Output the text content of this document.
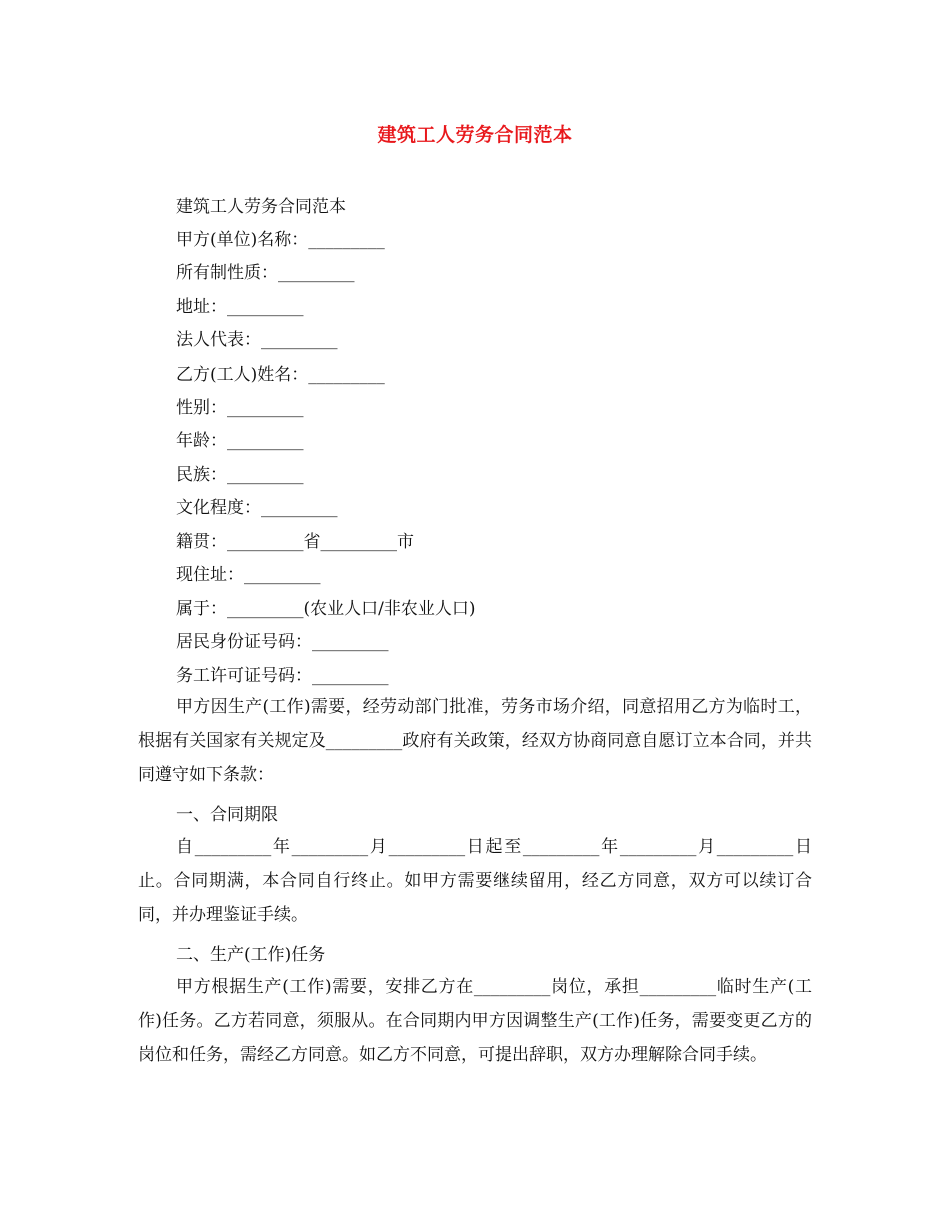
建筑工人劳务合同范本
建筑工人劳务合同范本
甲方(单位)名称：_________
所有制性质：_________
地址：_________
法人代表：_________
乙方(工人)姓名：_________
性别：_________
年龄：_________
民族：_________
文化程度：_________
籍贯：_________省_________市
现住址：_________
属于：_________(农业人口/非农业人口)
居民身份证号码：_________
务工许可证号码：_________
甲方因生产(工作)需要，经劳动部门批准，劳务市场介绍，同意招用乙方为临时工，根据有关国家有关规定及_________政府有关政策，经双方协商同意自愿订立本合同，并共同遵守如下条款：
一、合同期限
自_________年_________月_________日起至_________年_________月_________日止。合同期满，本合同自行终止。如甲方需要继续留用，经乙方同意，双方可以续订合同，并办理鉴证手续。
二、生产(工作)任务
甲方根据生产(工作)需要，安排乙方在_________岗位，承担_________临时生产(工作)任务。乙方若同意，须服从。在合同期内甲方因调整生产(工作)任务，需要变更乙方的岗位和任务，需经乙方同意。如乙方不同意，可提出辞职，双方办理解除合同手续。
